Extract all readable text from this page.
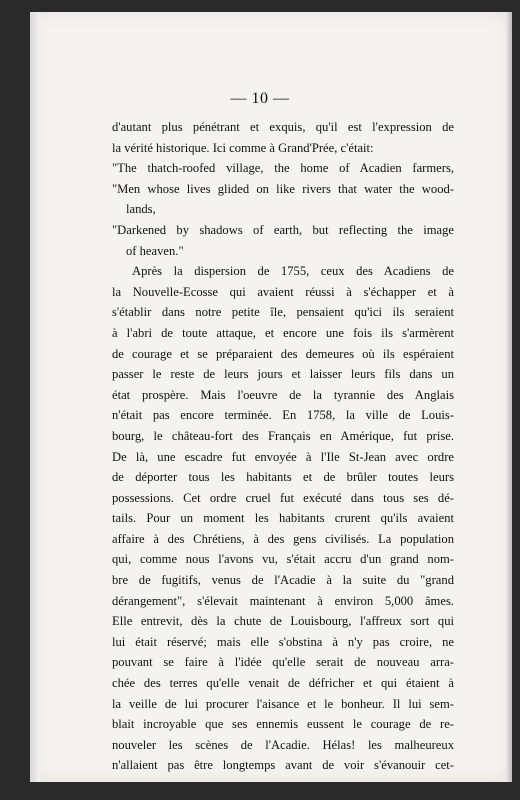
— 10 —
d'autant plus pénétrant et exquis, qu'il est l'expression de
la vérité historique. Ici comme à Grand'Prée, c'était:
"The thatch-roofed village, the home of Acadien farmers,
"Men whose lives glided on like rivers that water the wood-
lands,
"Darkened by shadows of earth, but reflecting the image
of heaven."
Après la dispersion de 1755, ceux des Acadiens de
la Nouvelle-Ecosse qui avaient réussi à s'échapper et à
s'établir dans notre petite île, pensaient qu'ici ils seraient
à l'abri de toute attaque, et encore une fois ils s'armèrent
de courage et se préparaient des demeures où ils espéraient
passer le reste de leurs jours et laisser leurs fils dans un
état prospère. Mais l'oeuvre de la tyrannie des Anglais
n'était pas encore terminée. En 1758, la ville de Louis-
bourg, le château-fort des Français en Amérique, fut prise.
De là, une escadre fut envoyée à l'Ile St-Jean avec ordre
de déporter tous les habitants et de brûler toutes leurs
possessions. Cet ordre cruel fut exécuté dans tous ses dé-
tails. Pour un moment les habitants crurent qu'ils avaient
affaire à des Chrétiens, à des gens civilisés. La population
qui, comme nous l'avons vu, s'était accru d'un grand nom-
bre de fugitifs, venus de l'Acadie à la suite du "grand
dérangement", s'élevait maintenant à environ 5,000 âmes.
Elle entrevit, dès la chute de Louisbourg, l'affreux sort qui
lui était réservé; mais elle s'obstina à n'y pas croire, ne
pouvant se faire à l'idée qu'elle serait de nouveau arra-
chée des terres qu'elle venait de défricher et qui étaient à
la veille de lui procurer l'aisance et le bonheur. Il lui sem-
blait incroyable que ses ennemis eussent le courage de re-
nouveler les scènes de l'Acadie. Hélas! les malheureux
n'allaient pas être longtemps avant de voir s'évanouir cet-
